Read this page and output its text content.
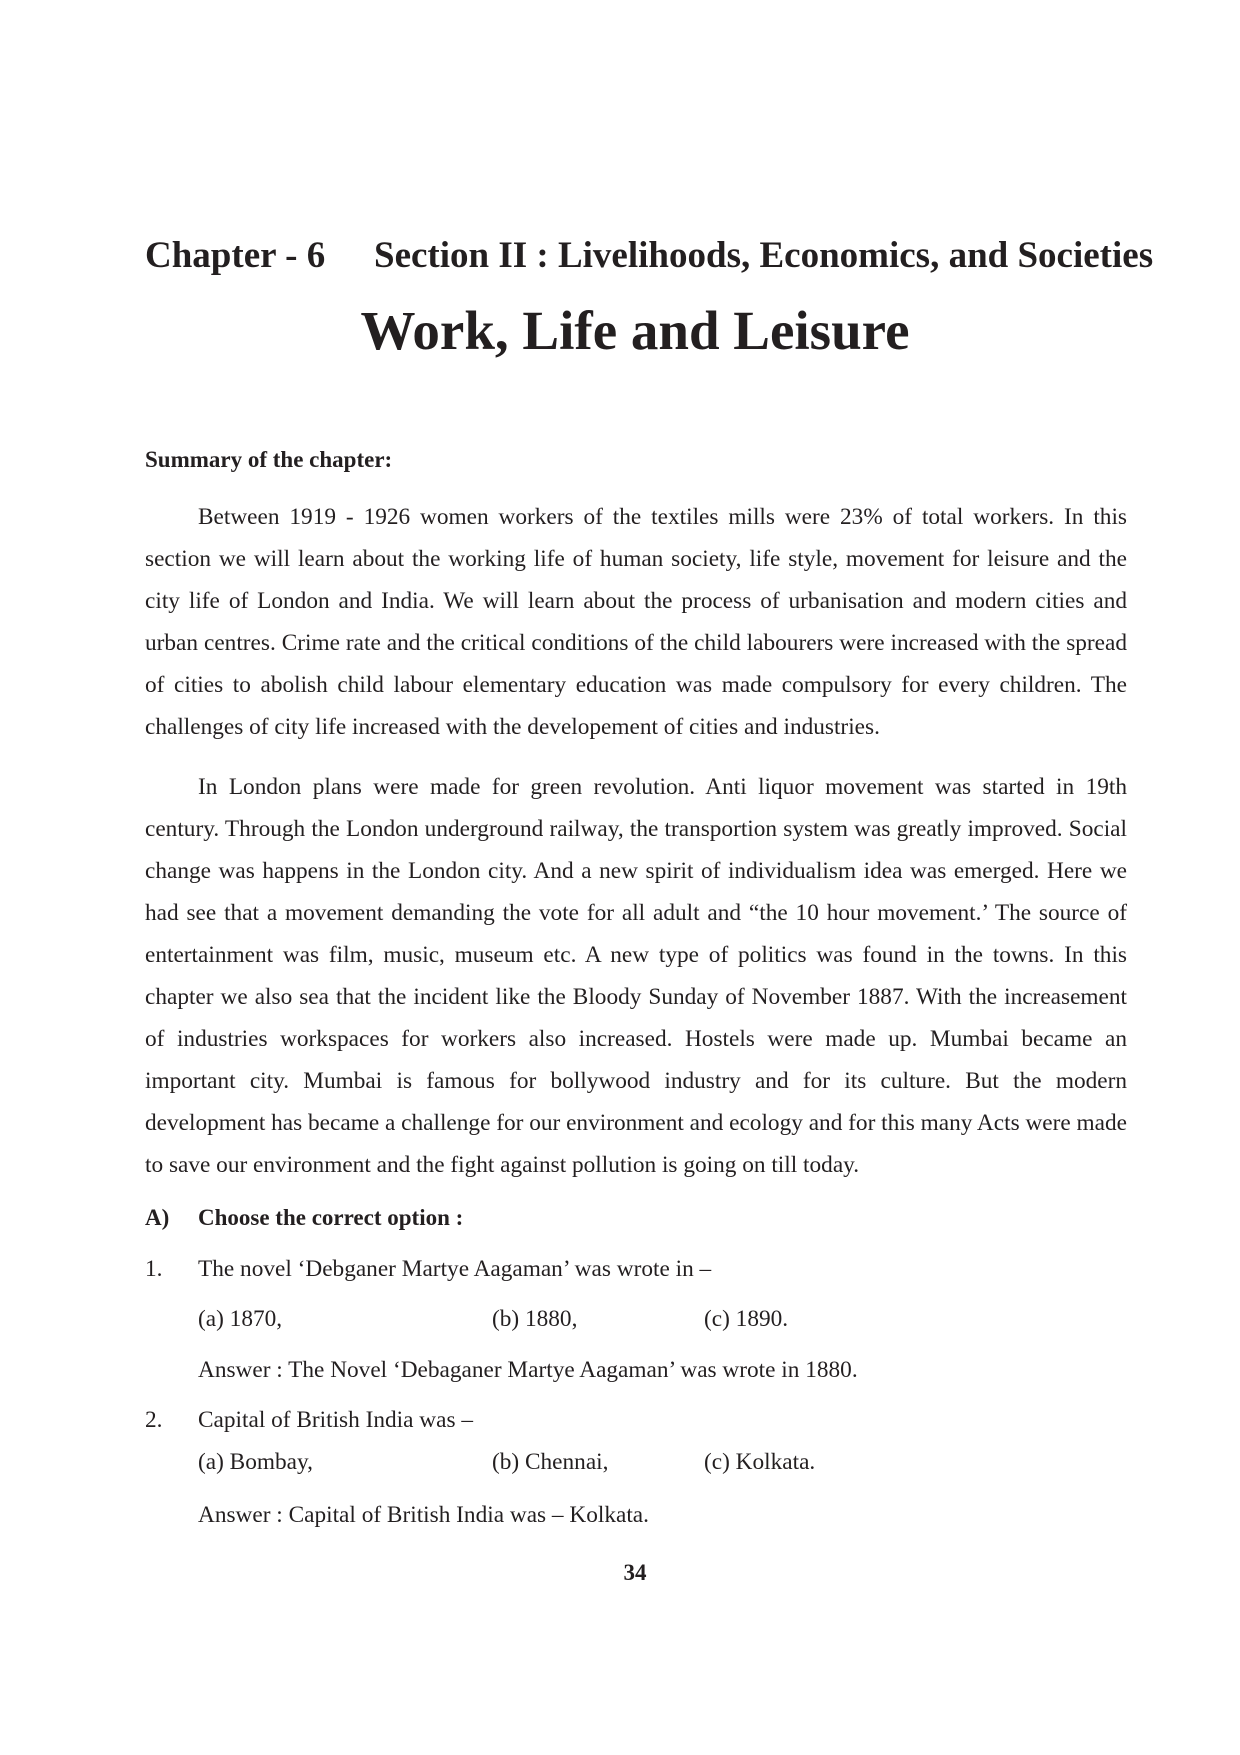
Chapter - 6 Section II : Livelihoods, Economics, and Societies
Work, Life and Leisure
Summary of the chapter:

Between 1919 - 1926 women workers of the textiles mills were 23% of total workers. In this section we will learn about the working life of human society, life style, movement for leisure and the city life of London and India. We will learn about the process of urbanisation and modern cities and urban centres. Crime rate and the critical conditions of the child labourers were increased with the spread of cities to abolish child labour elementary education was made compulsory for every children. The challenges of city life increased with the developement of cities and industries.

In London plans were made for green revolution. Anti liquor movement was started in 19th century. Through the London underground railway, the transportion system was greatly improved. Social change was happens in the London city. And a new spirit of individualism idea was emerged. Here we had see that a movement demanding the vote for all adult and “the 10 hour movement.’ The source of entertainment was film, music, museum etc. A new type of politics was found in the towns. In this chapter we also sea that the incident like the Bloody Sunday of November 1887. With the increasement of industries workspaces for workers also increased. Hostels were made up. Mumbai became an important city. Mumbai is famous for bollywood industry and for its culture. But the modern development has became a challenge for our environment and ecology and for this many Acts were made to save our environment and the fight against pollution is going on till today.

A) Choose the correct option :
1. The novel ‘Debganer Martye Aagaman’ was wrote in –
(a) 1870,	(b) 1880,	(c) 1890.
Answer : The Novel ‘Debaganer Martye Aagaman’ was wrote in 1880.
2. Capital of British India was –
(a) Bombay,	(b) Chennai,	(c) Kolkata.
Answer : Capital of British India was – Kolkata.
34
